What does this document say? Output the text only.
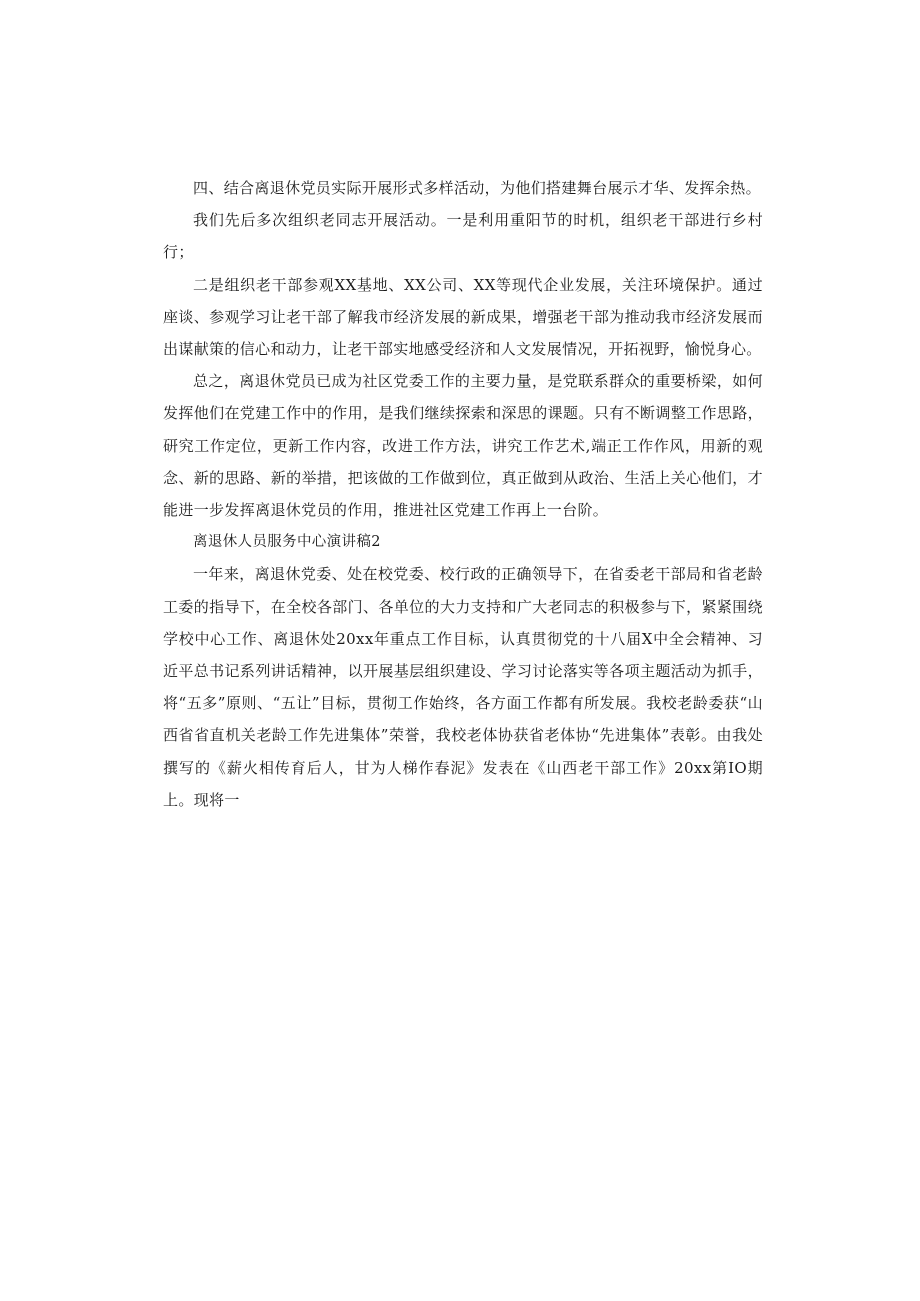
四、结合离退休党员实际开展形式多样活动，为他们搭建舞台展示才华、发挥余热。

我们先后多次组织老同志开展活动。一是利用重阳节的时机，组织老干部进行乡村行；

二是组织老干部参观XX基地、XX公司、XX等现代企业发展，关注环境保护。通过座谈、参观学习让老干部了解我市经济发展的新成果，增强老干部为推动我市经济发展而出谋献策的信心和动力，让老干部实地感受经济和人文发展情况，开拓视野，愉悦身心。

总之，离退休党员已成为社区党委工作的主要力量，是党联系群众的重要桥梁，如何发挥他们在党建工作中的作用，是我们继续探索和深思的课题。只有不断调整工作思路，研究工作定位，更新工作内容，改进工作方法，讲究工作艺术,端正工作作风，用新的观念、新的思路、新的举措，把该做的工作做到位，真正做到从政治、生活上关心他们，才能进一步发挥离退休党员的作用，推进社区党建工作再上一台阶。

离退休人员服务中心演讲稿2

一年来，离退休党委、处在校党委、校行政的正确领导下，在省委老干部局和省老龄工委的指导下，在全校各部门、各单位的大力支持和广大老同志的积极参与下，紧紧围绕学校中心工作、离退休处20xx年重点工作目标，认真贯彻党的十八届X中全会精神、习近平总书记系列讲话精神，以开展基层组织建设、学习讨论落实等各项主题活动为抓手，将“五多”原则、“五让”目标，贯彻工作始终，各方面工作都有所发展。我校老龄委获“山西省省直机关老龄工作先进集体”荣誉，我校老体协获省老体协“先进集体”表彰。由我处撰写的《薪火相传育后人，甘为人梯作春泥》发表在《山西老干部工作》20xx第IO期上。现将一
